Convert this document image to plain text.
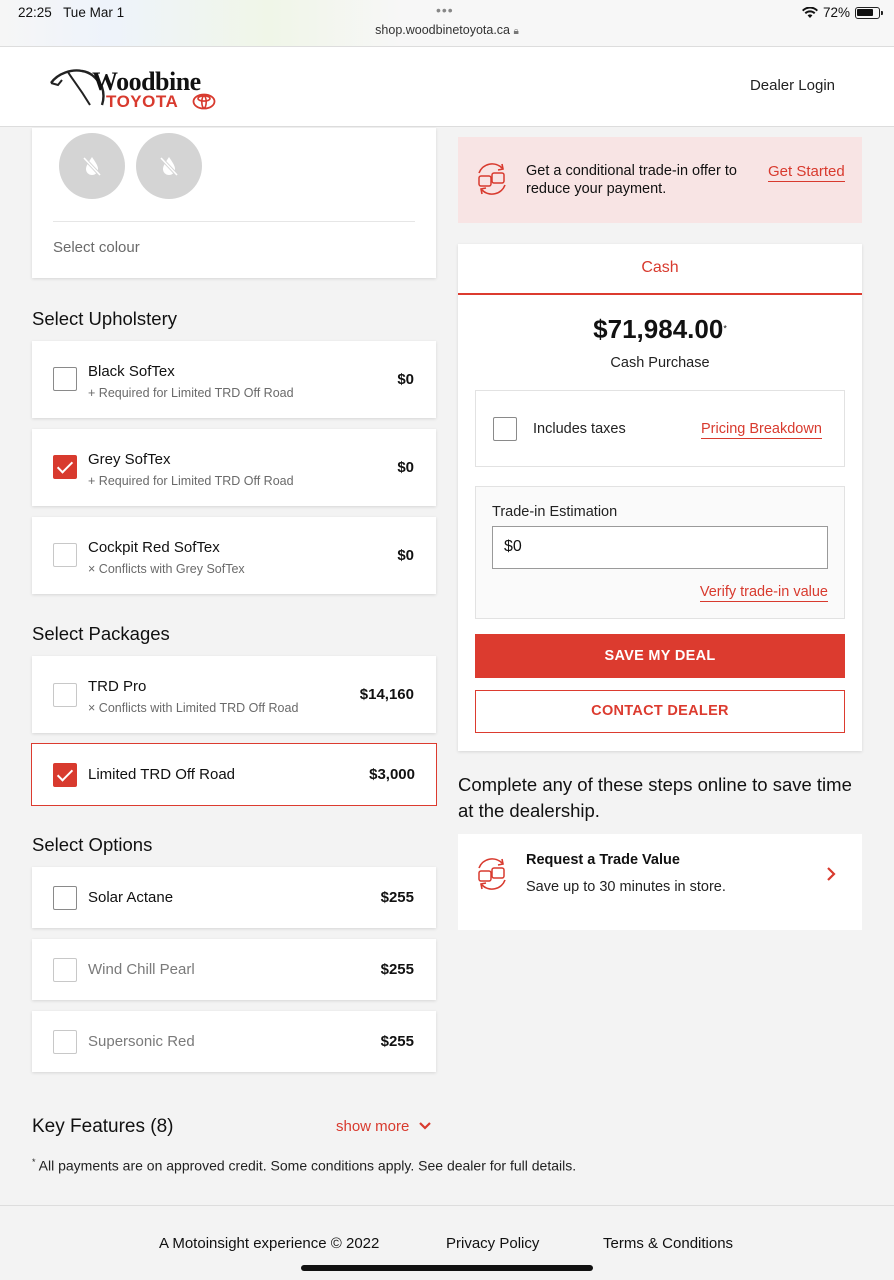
22:25 Tue Mar 1	•••
shop.woodbinetoyota.ca 🔒︎
72%
Woodbine
TOYOTA
Dealer Login
Select colour
Select Upholstery
Black SofTex
+ Required for Limited TRD Off Road
$0
Grey SofTex
+ Required for Limited TRD Off Road
$0
Cockpit Red SofTex
× Conflicts with Grey SofTex
$0
Select Packages
TRD Pro
× Conflicts with Limited TRD Off Road
$14,160
Limited TRD Off Road	$3,000
Select Options
Solar Actane	$255
Wind Chill Pearl	$255
Supersonic Red	$255
Key Features (8)	show more
* All payments are on approved credit. Some conditions apply. See dealer for full details.
Get a conditional trade-in offer to reduce your payment.
Get Started
Cash
$71,984.00*
Cash Purchase
Includes taxes	Pricing Breakdown
Trade-in Estimation
$0
Verify trade-in value
SAVE MY DEAL
CONTACT DEALER
Complete any of these steps online to save time at the dealership.
Request a Trade Value
Save up to 30 minutes in store.
A Motoinsight experience © 2022	Privacy Policy	Terms & Conditions
